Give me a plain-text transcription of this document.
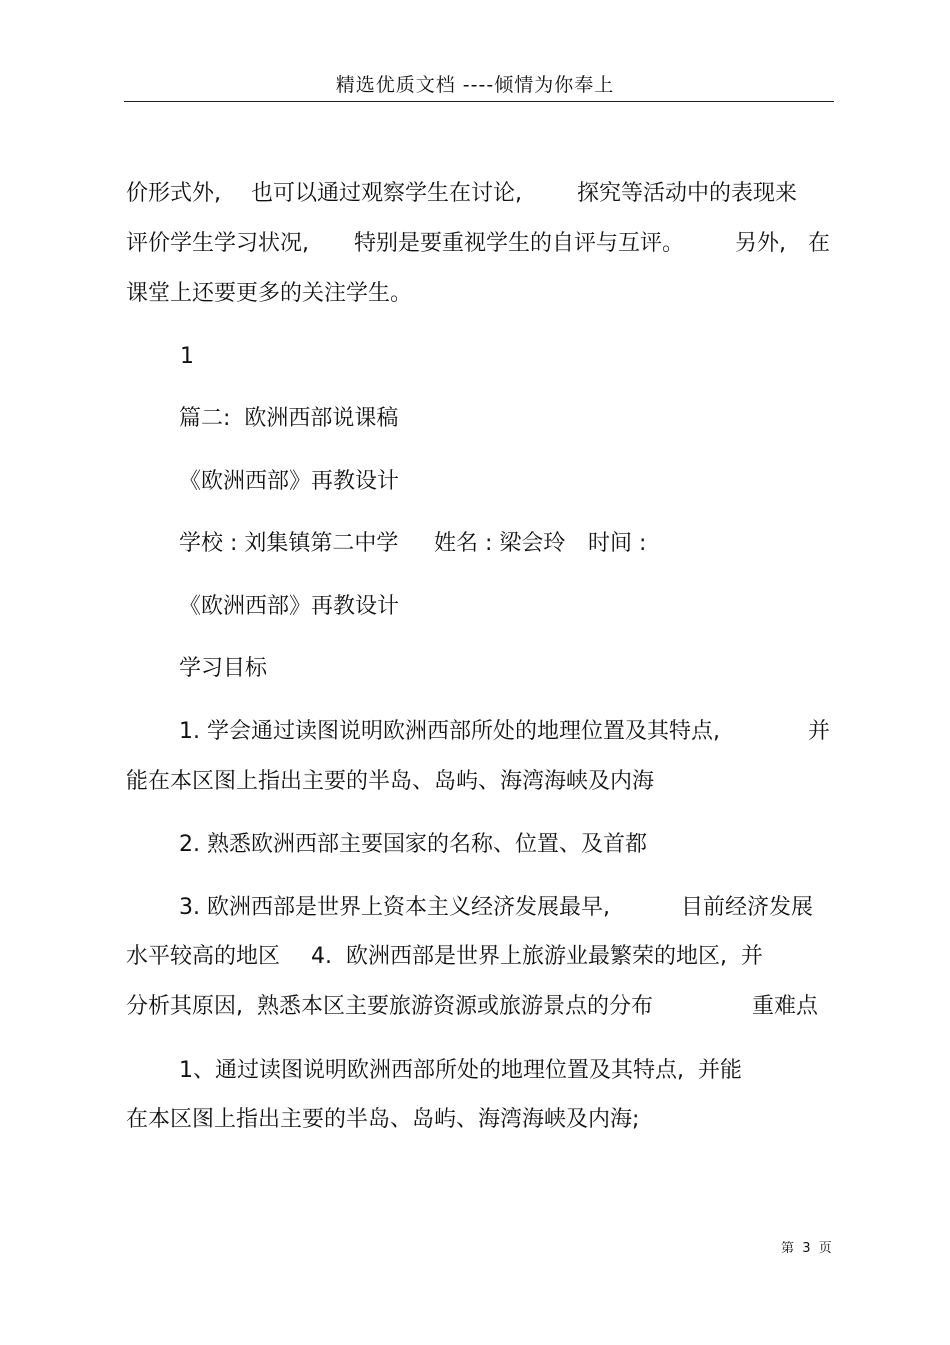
精选优质文档 ----倾情为你奉上

价形式外,

也可以通过观察学生在讨论,

	探究等活动中的表现来

评价学生学习状况,

特别是要重视学生的自评与互评。

另外,

在

课堂上还要更多的关注学生。

1

篇二:  欧洲西部说课稿

《欧洲西部》再教设计

学校 : 刘集镇第二中学

姓名 : 梁会玲

时间 :

《欧洲西部》再教设计

学习目标

1. 学会通过读图说明欧洲西部所处的地理位置及其特点,

	并

能在本区图上指出主要的半岛、岛屿、海湾海峡及内海

2. 熟悉欧洲西部主要国家的名称、位置、及首都

3. 欧洲西部是世界上资本主义经济发展最早,

	目前经济发展

水平较高的地区

4.  欧洲西部是世界上旅游业最繁荣的地区,  并

分析其原因,  熟悉本区主要旅游资源或旅游景点的分布

	重难点

1、通过读图说明欧洲西部所处的地理位置及其特点,  并能

在本区图上指出主要的半岛、岛屿、海湾海峡及内海;

第  3  页
